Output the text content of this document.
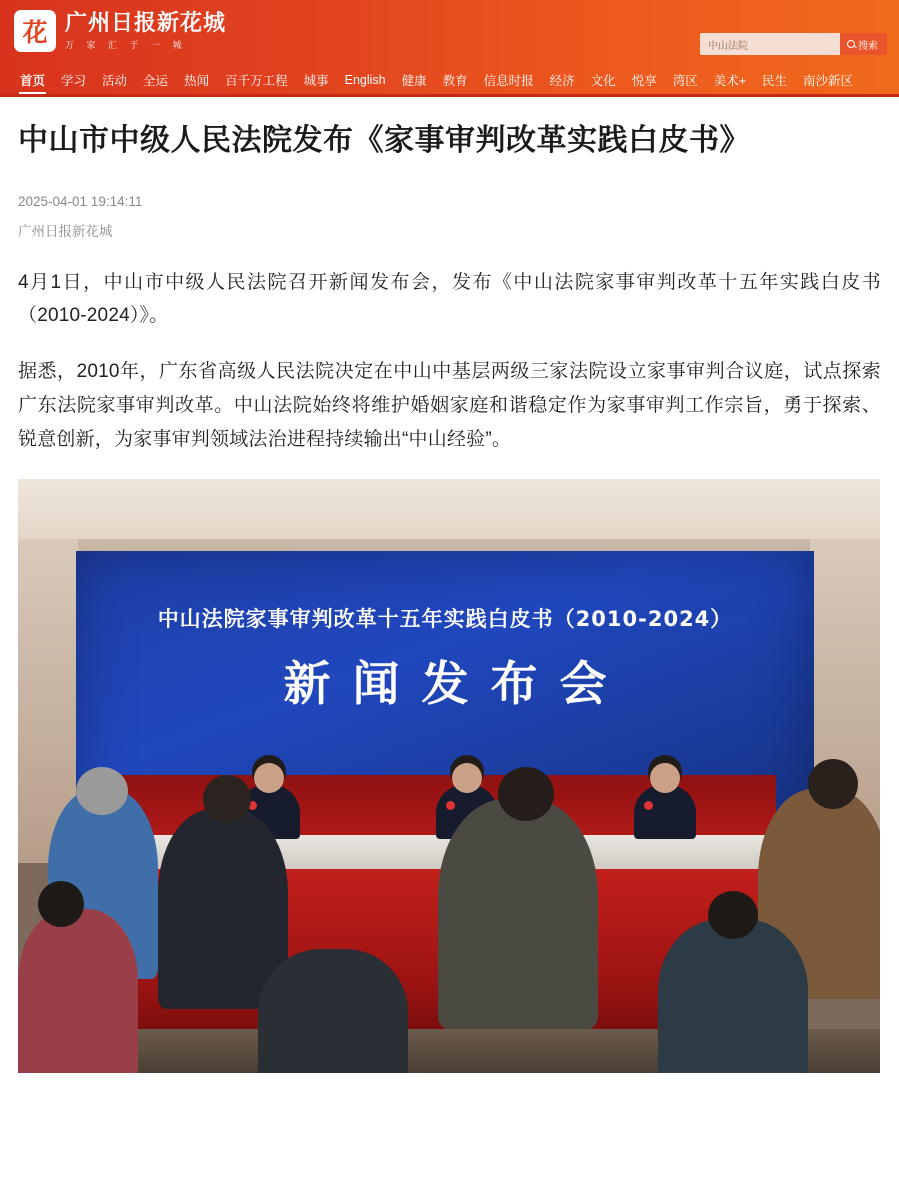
花 广州日报新花城
万 家 汇 于 一 城
中山法院	搜索
首页	学习	活动	全运	热闻	百千万工程	城事	English	健康	教育	信息时报	经济	文化	悦享	湾区	美术+	民生	南沙新区
中山市中级人民法院发布《家事审判改革实践白皮书》
2025-04-01 19:14:11
广州日报新花城

4月1日，中山市中级人民法院召开新闻发布会，发布《中山法院家事审判改革十五年实践白皮书（2010-2024）》。

据悉，2010年，广东省高级人民法院决定在中山中基层两级三家法院设立家事审判合议庭，试点探索广东法院家事审判改革。中山法院始终将维护婚姻家庭和谐稳定作为家事审判工作宗旨，勇于探索、锐意创新，为家事审判领域法治进程持续输出“中山经验”。

中山法院家事审判改革十五年实践白皮书（2010-2024）
新闻发布会
